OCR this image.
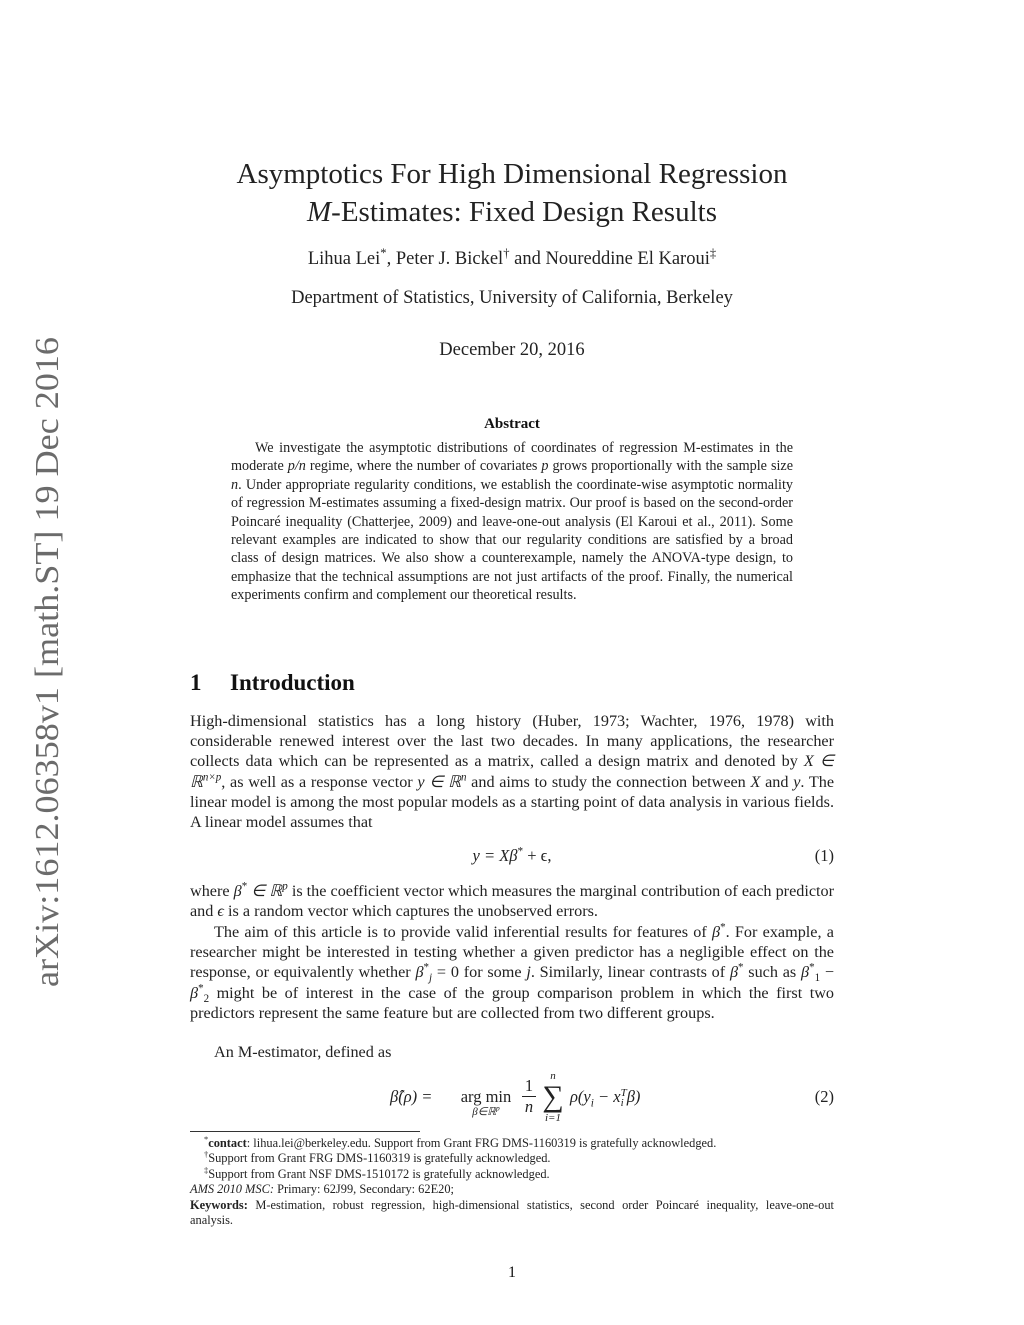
arXiv:1612.06358v1 [math.ST] 19 Dec 2016
Asymptotics For High Dimensional Regression
M-Estimates: Fixed Design Results
Lihua Lei*, Peter J. Bickel† and Noureddine El Karoui‡
Department of Statistics, University of California, Berkeley
December 20, 2016
Abstract

We investigate the asymptotic distributions of coordinates of regression M-estimates in the moderate p/n regime, where the number of covariates p grows proportionally with the sample size n. Under appropriate regularity conditions, we establish the coordinate-wise asymptotic normality of regression M-estimates assuming a fixed-design matrix. Our proof is based on the second-order Poincaré inequality (Chatterjee, 2009) and leave-one-out analysis (El Karoui et al., 2011). Some relevant examples are indicated to show that our regularity conditions are satisfied by a broad class of design matrices. We also show a counterexample, namely the ANOVA-type design, to emphasize that the technical assumptions are not just artifacts of the proof. Finally, the numerical experiments confirm and complement our theoretical results.

1 Introduction

High-dimensional statistics has a long history (Huber, 1973; Wachter, 1976, 1978) with considerable renewed interest over the last two decades. In many applications, the researcher collects data which can be represented as a matrix, called a design matrix and denoted by X ∈ ℝ$^{n\times p}$, as well as a response vector y ∈ ℝ$^n$ and aims to study the connection between X and y. The linear model is among the most popular models as a starting point of data analysis in various fields. A linear model assumes that

y = Xβ* + ϵ,	(1)

where β* ∈ ℝ$^p$ is the coefficient vector which measures the marginal contribution of each predictor and ϵ is a random vector which captures the unobserved errors.

The aim of this article is to provide valid inferential results for features of β*. For example, a researcher might be interested in testing whether a given predictor has a negligible effect on the response, or equivalently whether $\beta^*_j = 0$ for some j. Similarly, linear contrasts of β* such as $\beta^*_1 - \beta^*_2$ might be of interest in the case of the group comparison problem in which the first two predictors represent the same feature but are collected from two different groups.

An M-estimator, defined as

β̂(ρ) =	arg min
β∈ℝ$^p$	$\frac{1}{n}$	n
∑
i=1
$\rho(y_i - x$ T
i β)	(2)

*contact: lihua.lei@berkeley.edu. Support from Grant FRG DMS-1160319 is gratefully acknowledged.

†Support from Grant FRG DMS-1160319 is gratefully acknowledged.

‡Support from Grant NSF DMS-1510172 is gratefully acknowledged.

AMS 2010 MSC: Primary: 62J99, Secondary: 62E20;

Keywords: M-estimation, robust regression, high-dimensional statistics, second order Poincaré inequality, leave-one-out analysis.

1
